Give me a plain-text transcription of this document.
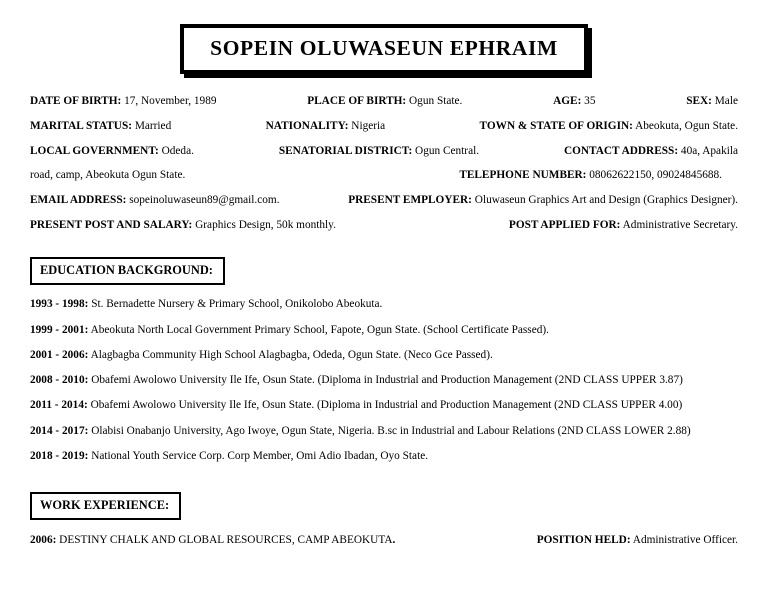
SOPEIN OLUWASEUN EPHRAIM
DATE OF BIRTH: 17, November, 1989	PLACE OF BIRTH: Ogun State.	AGE: 35	SEX: Male
MARITAL STATUS: Married	NATIONALITY: Nigeria	TOWN & STATE OF ORIGIN: Abeokuta, Ogun State.
LOCAL GOVERNMENT: Odeda.	SENATORIAL DISTRICT: Ogun Central.	CONTACT ADDRESS: 40a, Apakila
road, camp, Abeokuta Ogun State.	TELEPHONE NUMBER: 08062622150, 09024845688.
EMAIL ADDRESS: sopeinoluwaseun89@gmail.com.	PRESENT EMPLOYER: Oluwaseun Graphics Art and Design (Graphics Designer).
PRESENT POST AND SALARY: Graphics Design, 50k monthly.	POST APPLIED FOR: Administrative Secretary.
EDUCATION BACKGROUND:
1993 - 1998: St. Bernadette Nursery & Primary School, Onikolobo Abeokuta.
1999 - 2001: Abeokuta North Local Government Primary School, Fapote, Ogun State. (School Certificate Passed).
2001 - 2006: Alagbagba Community High School Alagbagba, Odeda, Ogun State. (Neco Gce Passed).
2008 - 2010: Obafemi Awolowo University Ile Ife, Osun State. (Diploma in Industrial and Production Management (2ND CLASS UPPER 3.87)
2011 - 2014: Obafemi Awolowo University Ile Ife, Osun State. (Diploma in Industrial and Production Management (2ND CLASS UPPER 4.00)
2014 - 2017: Olabisi Onabanjo University, Ago Iwoye, Ogun State, Nigeria. B.sc in Industrial and Labour Relations (2ND CLASS LOWER 2.88)
2018 - 2019: National Youth Service Corp. Corp Member, Omi Adio Ibadan, Oyo State.
WORK EXPERIENCE:
2006: DESTINY CHALK AND GLOBAL RESOURCES, CAMP ABEOKUTA.	POSITION HELD: Administrative Officer.
